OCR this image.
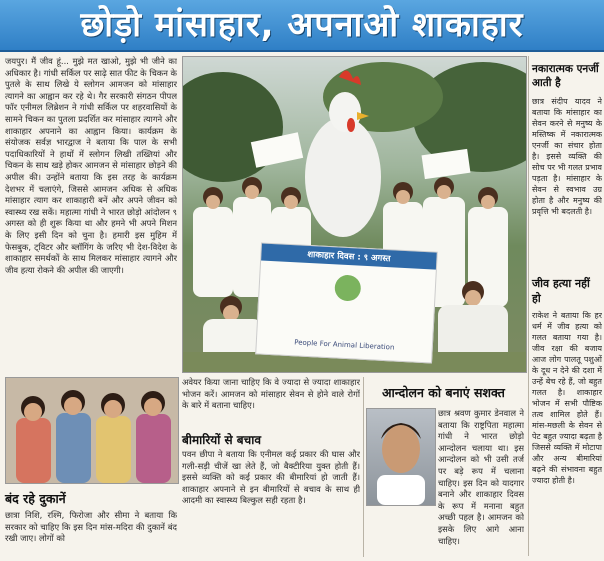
छोड़ो मांसाहार, अपनाओ शाकाहार

जयपुर। मैं जीव हूं... मुझे मत खाओ, मुझे भी जीने का अधिकार है। गांधी सर्किल पर साढ़े सात फीट के चिकन के पुतले के साथ लिखे ये स्लोगन आमजन को मांसाहार त्यागने का आह्वान कर रहे थे। गैर सरकारी संगठन पीपल फॉर एनीमल लिब्रेशन ने गांधी सर्किल पर शहरवासियों के सामने चिकन का पुतला प्रदर्शित कर मांसाहार त्यागने और शाकाहार अपनाने का आह्वान किया। कार्यक्रम के संयोजक सर्वज्ञ भारद्वाज ने बताया कि पाल के सभी पदाधिकारियों ने हाथों में स्लोगन लिखी तख्तियां और चिकन के साथ खड़े होकर आमजन से मांसाहार छोड़ने की अपील की। उन्होंने बताया कि इस तरह के कार्यक्रम देशभर में चलाएंगे, जिससे आमजन अधिक से अधिक मांसाहार त्याग कर शाकाहारी बनें और अपने जीवन को स्वास्थ्य रख सकें। महात्मा गांधी ने भारत छोड़ो आंदोलन ९ अगस्त को ही शुरू किया था और हमने भी अपने मिशन के लिए इसी दिन को चुना है। हमारी इस मुहिम में फेसबुक, ट्विटर और ब्लॉगिंग के जरिए भी देश-विदेश के शाकाहार समर्थकों के साथ मिलकर मांसाहार त्यागने और जीव हत्या रोकने की अपील की जाएगी।

शाकाहार दिवस : ९ अगस्त
People For Animal Liberation

अवेयर किया जाना चाहिए कि वे ज्यादा से ज्यादा शाकाहार भोजन करें। आमजन को मांसाहार सेवन से होने वाले रोगों के बारे में बताना चाहिए।

बीमारियों से बचाव

पवन छीपा ने बताया कि एनीमल कई प्रकार की घास और गली-सड़ी चीजें खा लेते हैं, जो बैक्टीरिया युक्त होती हैं। इससे व्यक्ति को कई प्रकार की बीमारियां हो जाती हैं। शाकाहार अपनाने से इन बीमारियों से बचाव के साथ ही आदमी का स्वास्थ्य बिल्कुल सही रहता है।

आन्दोलन को बनाएं सशक्त

छात्र श्रवण कुमार डेनवाल ने बताया कि राष्ट्रपिता महात्मा गांधी ने भारत छोड़ो आन्दोलन चलाया था। इस आन्दोलन को भी उसी तर्ज पर बड़े रूप में चलाना चाहिए। इस दिन को यादगार बनाने और शाकाहार दिवस के रूप में मनाना बहुत अच्छी पहल है। आमजन को इसके लिए आगे आना चाहिए।

बंद रहे दुकानें

छात्रा निशि, रश्मि, फिरोजा और सीमा ने बताया कि सरकार को चाहिए कि इस दिन मांस-मदिरा की दुकानें बंद रखी जाए। लोगों को

नकारात्मक एनर्जी आती है

छात्र संदीप यादव ने बताया कि मांसाहार का सेवन करने से मनुष्य के मस्तिष्क में नकारात्मक एनर्जी का संचार होता है। इससे व्यक्ति की सोच पर भी गलत प्रभाव पड़ता है। मांसाहार के सेवन से स्वभाव उग्र होता है और मनुष्य की प्रवृत्ति भी बदलती है।

जीव हत्या नहीं हो

राकेश ने बताया कि हर धर्म में जीव हत्या को गलत बताया गया है। जीव रक्षा की बजाय आज लोग पालतू पशुओं के दूध न देने की दशा में उन्हें बेच रहे हैं, जो बहुत गलत है। शाकाहार भोजन में सभी पौष्टिक तत्व शामिल होते हैं। मांस-मछली के सेवन से पेट बहुत ज्यादा बढ़ता है जिससे व्यक्ति में मोटापा और अन्य बीमारियां बढ़ने की संभावना बहुत ज्यादा होती है।
